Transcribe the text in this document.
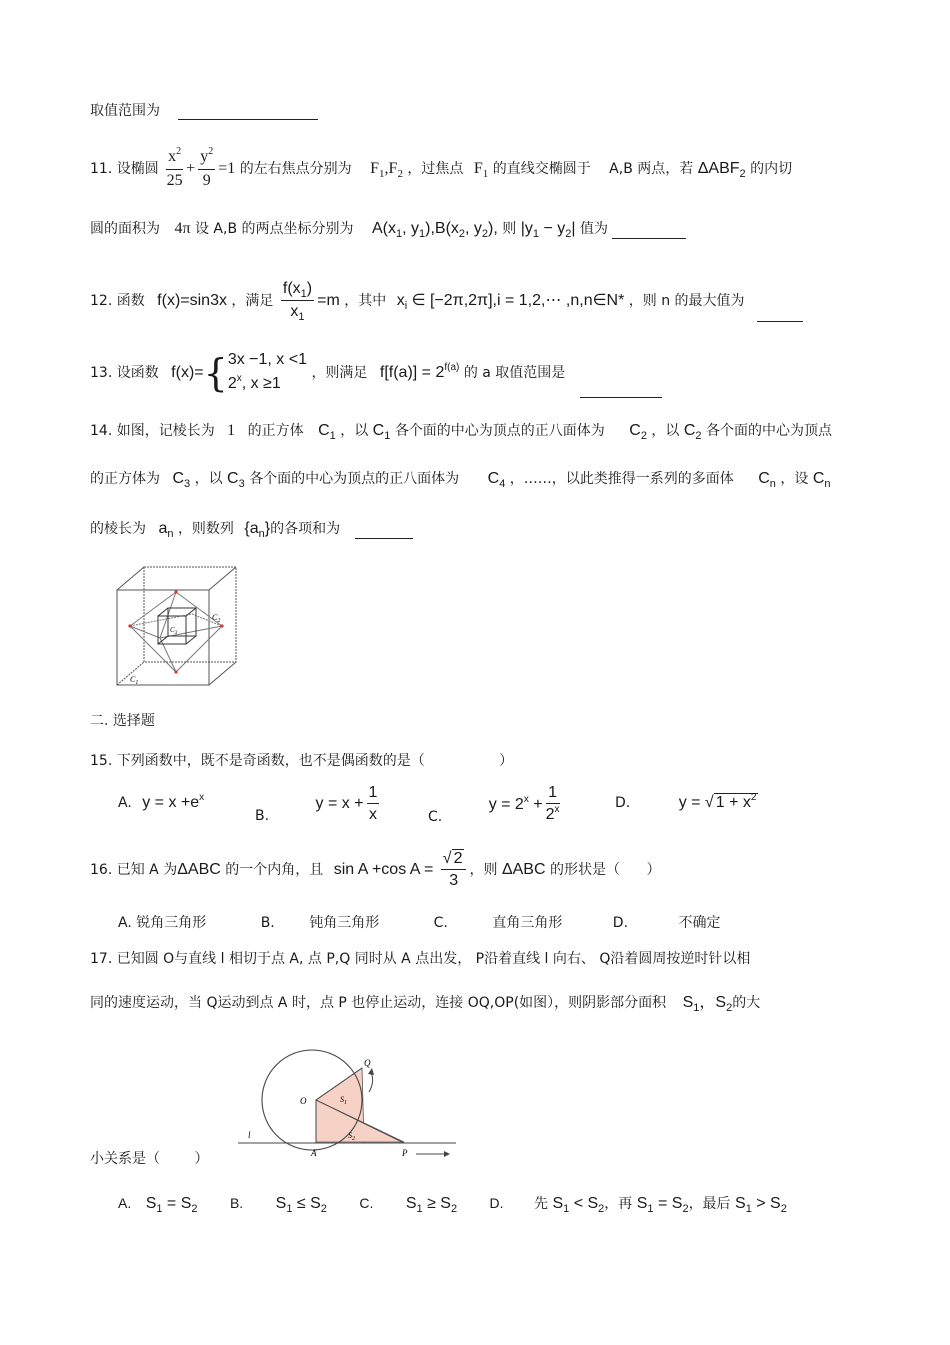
取值范围为
11. 设椭圆 $\frac{x^2}{25} + \frac{y^2}{9} =1$ 的左右焦点分别为 $F_1,F_2$ ，过焦点 $F_1$ 的直线交椭圆于 A,B 两点，若 $\Delta ABF_2$ 的内切
圆的面积为 4π 设 A,B 的两点坐标分别为 $A(x_1$, $y_1),B(x_2$, $y_2$), 则 $|y_1 - y_2|$ 值为
12. 函数 f(x)=sin3x ，满足 $\frac{f(x_1)}{x_1} =m$ ，其中 $x_i$ ∈ [−2π,2π],i = 1,2,⋯ ,n,n∈N* ，则 n 的最大值为
13. 设函数 f(x)={ 3x −1, x <1
2$^x$, x ≥1
，则满足 $f[f(a)] = 2^{f(a)}$ 的 a 取值范围是
14. 如图，记棱长为 1 的正方体 $C_1$ ，以 $C_1$ 各个面的中心为顶点的正八面体为 $C_2$ ，以 $C_2$ 各个面的中心为顶点
的正方体为 $C_3$ ，以 $C_3$ 各个面的中心为顶点的正八面体为 $C_4$ ，……，以此类推得一系列的多面体 $C_n$ ，设 $C_n$
的棱长为 $a_n$ ，则数列 $\{a_n\}$的各项和为
$C_2$
$C_3$
$C_1$
二. 选择题
15. 下列函数中，既不是奇函数，也不是偶函数的是（	）
A. $y = x +e^x$
B. $y = x + \frac{1}{x}$	C. $y = 2^x + \frac{1}{2^x}$	D.	y = √ $1 + x^2$
16. 已知 A 为ΔABC 的一个内角，且 sin A +cos $A = \frac{√ 2}{3}$ ，则 ΔABC 的形状是（ ）
A. 锐角三角形	B. 钝角三角形	C.	直角三角形	D.	不确定
17. 已知圆 O与直线 l 相切于点 A, 点 P,Q 同时从 A 点出发， P沿着直线 l 向右、 Q沿着圆周按逆时针以相
同的速度运动，当 Q运动到点 A 时，点 P 也停止运动，连接 OQ,OP(如图），则阴影部分面积 $S_1$，$S_2$的大
O
Q
A	P
l
$S_1$
$S_2$
小关系是（ ）
A. $S_1 = S_2$ B. $S_1 \le S_2$ C. $S_1 \ge S_2$ D. 先 $S_1 < S_2$，再 $S_1 = S_2$，最后 $S_1 > S_2$
